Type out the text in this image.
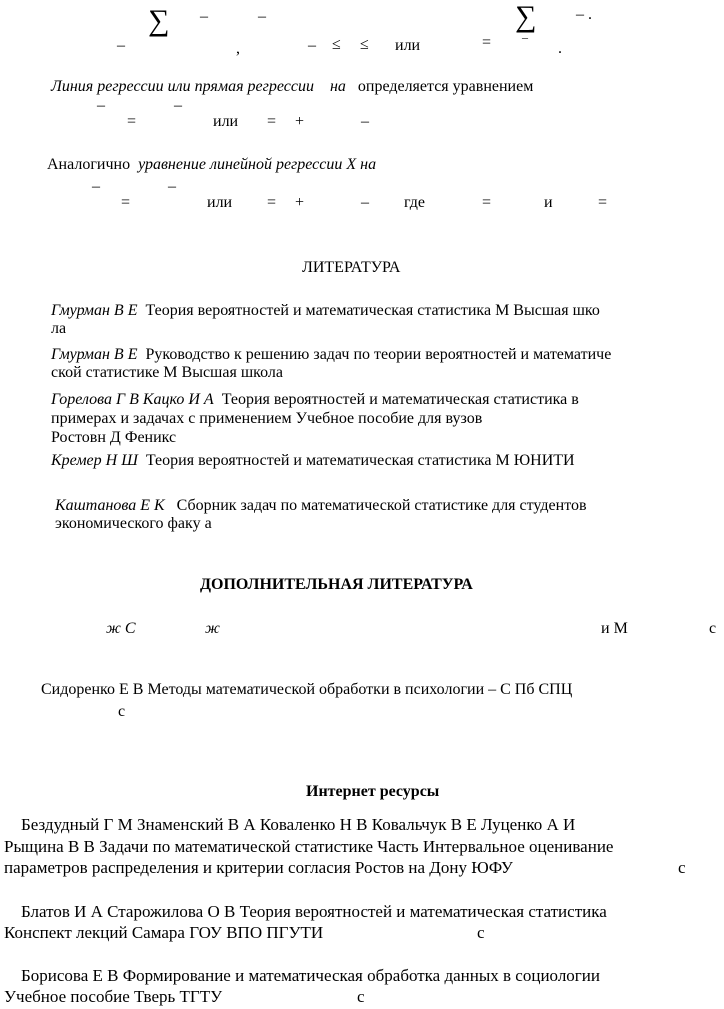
∑ –	–
–	,	– ≤ ≤ или	=
∑
–
– .
.
Линия регрессии или прямая регрессии на определяется уравнением
–	–
=	или = +	–
Аналогично уравнение линейной регрессии X на
–	–
=	или = +	– где	=	и	=
ЛИТЕРАТУРА
Гмурман В Е Теория вероятностей и математическая статистика М Высшая шко
ла
Гмурман В Е Руководство к решению задач по теории вероятностей и математиче
ской статистике М Высшая школа
Горелова Г В Кацко И А Теория вероятностей и математическая статистика в
примерах и задачах с применением Учебное пособие для вузов
Ростовн Д Феникс
Кремер Н Ш Теория вероятностей и математическая статистика М ЮНИТИ
Каштанова Е К Сборник задач по математической статистике для студентов
экономического факу а
ДОПОЛНИТЕЛЬНАЯ ЛИТЕРАТУРА
ж С	ж	и М	с
Сидоренко Е В Методы математической обработки в психологии – С Пб СПЦ
с
Интернет ресурсы
Бездудный Г М Знаменский В А Коваленко Н В Ковальчук В Е Луценко А И
Рыщина В В Задачи по математической статистике Часть Интервальное оценивание
параметров распределения и критерии согласия Ростов на Дону ЮФУ	с
Блатов И А Старожилова О В Теория вероятностей и математическая статистика
Конспект лекций Самара ГОУ ВПО ПГУТИ	с
Борисова Е В Формирование и математическая обработка данных в социологии
Учебное пособие Тверь ТГТУ	с
